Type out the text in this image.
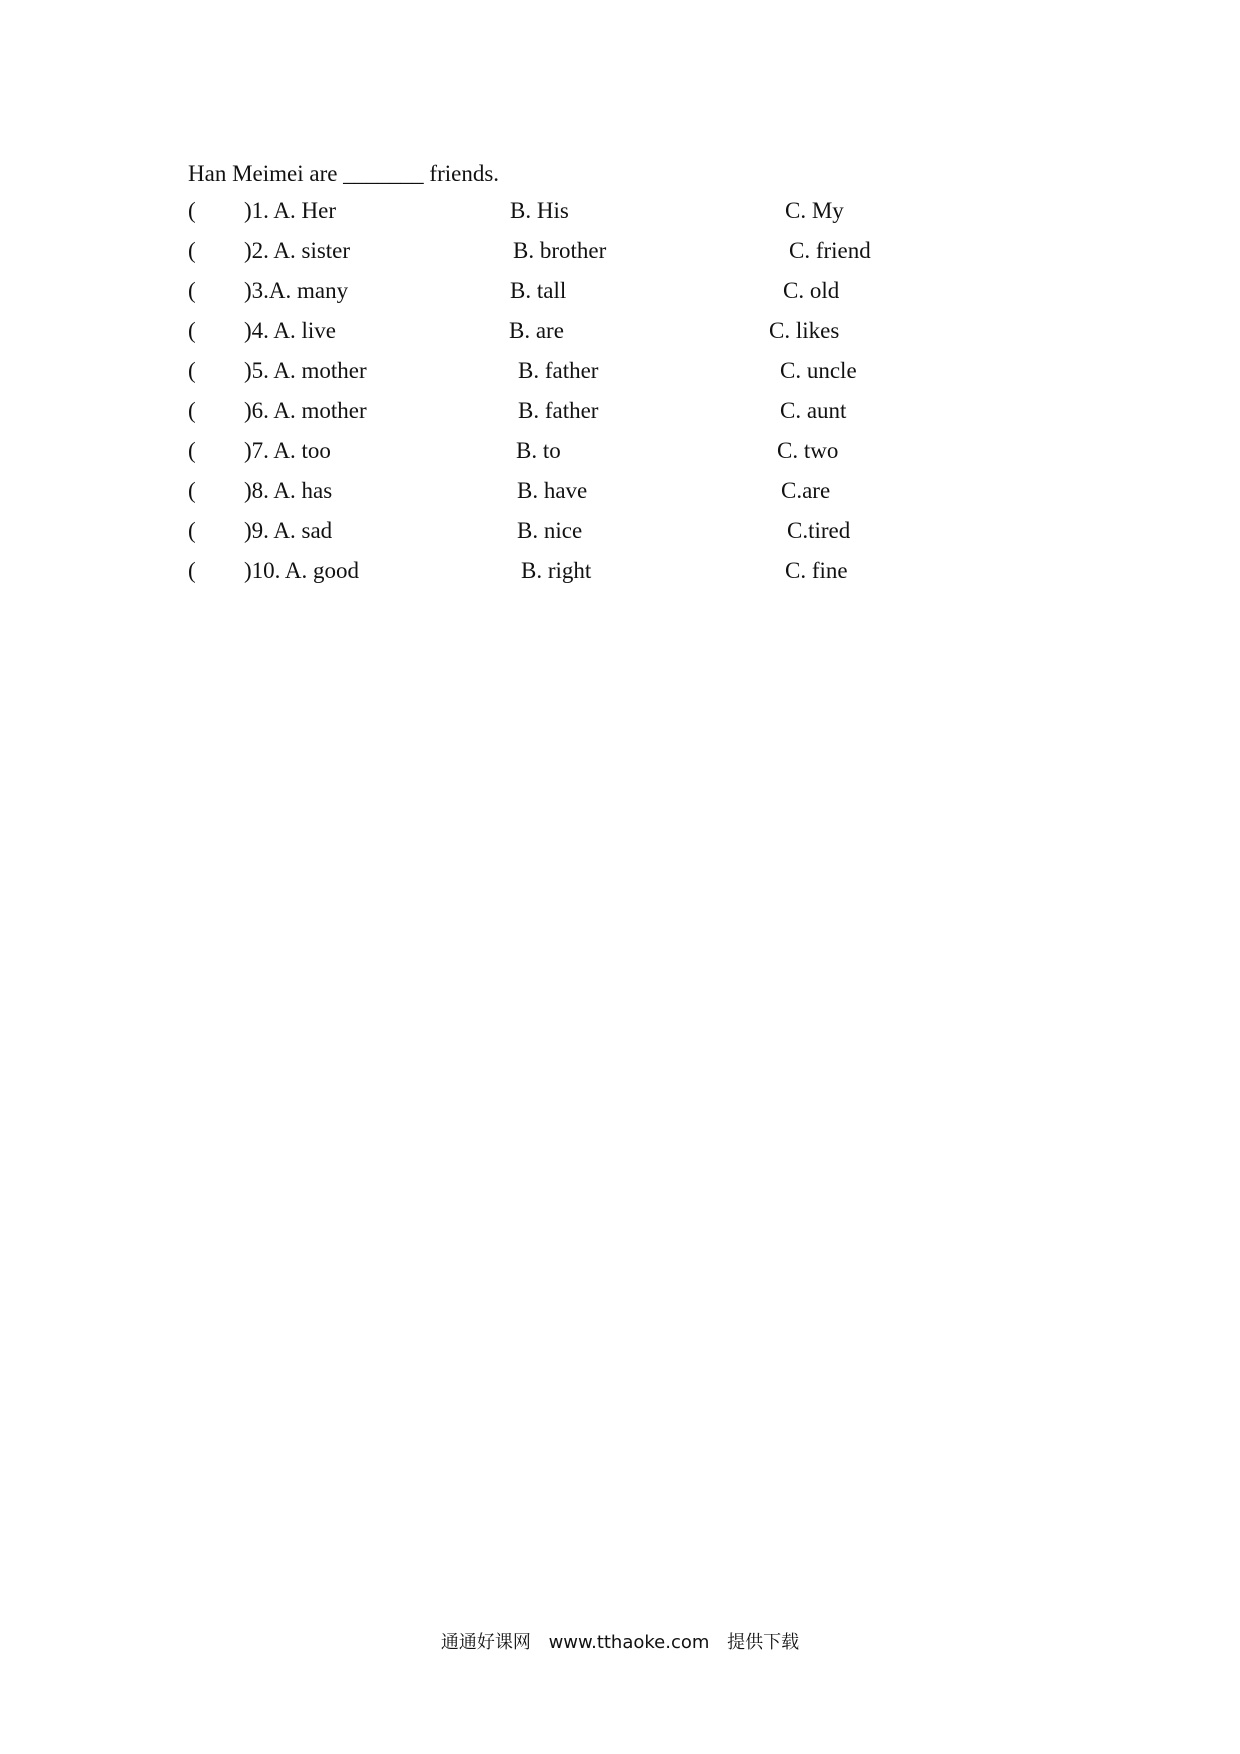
Han Meimei are _______ friends.
( )1. A. Her	B. His	C. My
( )2. A. sister	B. brother	C. friend
( )3.A. many	B. tall	C. old
( )4. A. live	B. are	C. likes
( )5. A. mother	B. father	C. uncle
( )6. A. mother	B. father	C. aunt
( )7. A. too	B. to	C. two
( )8. A. has	B. have	C.are
( )9. A. sad	B. nice	C.tired
( )10. A. good	B. right	C. fine
通通好课网 www.tthaoke.com 提供下载
